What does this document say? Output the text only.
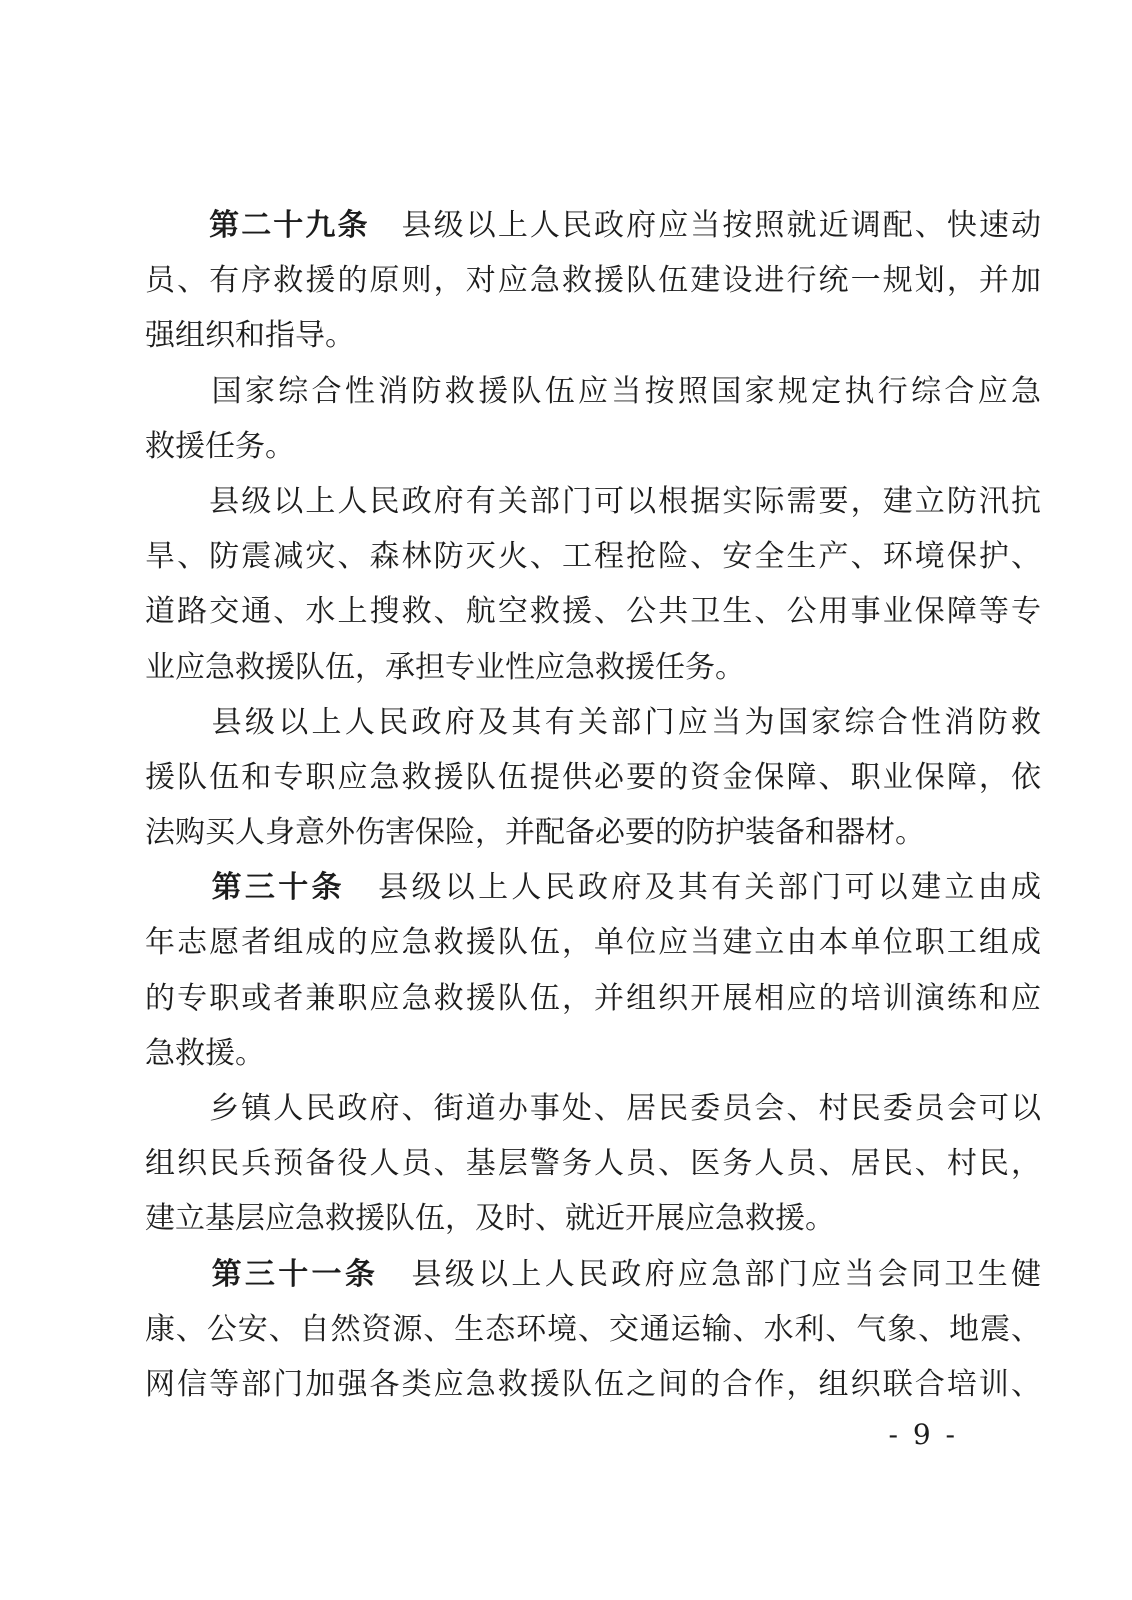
　　第二十九条　县级以上人民政府应当按照就近调配、快速动
员、有序救援的原则，对应急救援队伍建设进行统一规划，并加
强组织和指导。
　　国家综合性消防救援队伍应当按照国家规定执行综合应急
救援任务。
　　县级以上人民政府有关部门可以根据实际需要，建立防汛抗
旱、防震减灾、森林防灭火、工程抢险、安全生产、环境保护、
道路交通、水上搜救、航空救援、公共卫生、公用事业保障等专
业应急救援队伍，承担专业性应急救援任务。
　　县级以上人民政府及其有关部门应当为国家综合性消防救
援队伍和专职应急救援队伍提供必要的资金保障、职业保障，依
法购买人身意外伤害保险，并配备必要的防护装备和器材。
　　第三十条　县级以上人民政府及其有关部门可以建立由成
年志愿者组成的应急救援队伍，单位应当建立由本单位职工组成
的专职或者兼职应急救援队伍，并组织开展相应的培训演练和应
急救援。
　　乡镇人民政府、街道办事处、居民委员会、村民委员会可以
组织民兵预备役人员、基层警务人员、医务人员、居民、村民，
建立基层应急救援队伍，及时、就近开展应急救援。
　　第三十一条　县级以上人民政府应急部门应当会同卫生健
康、公安、自然资源、生态环境、交通运输、水利、气象、地震、
网信等部门加强各类应急救援队伍之间的合作，组织联合培训、
- 9 -
